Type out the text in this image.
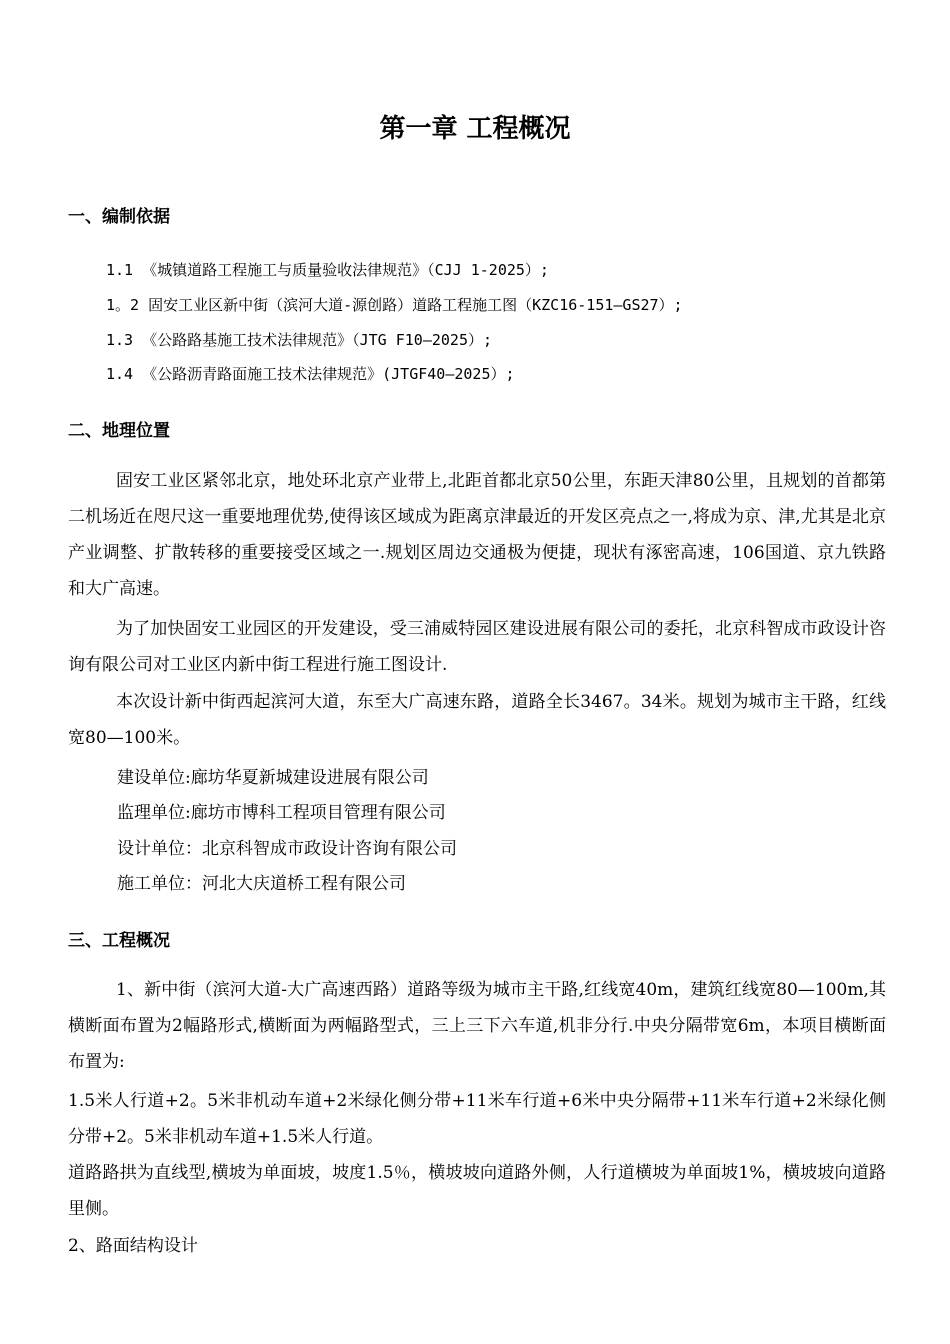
第一章 工程概况
一、编制依据
1.1 《城镇道路工程施工与质量验收法律规范》（CJJ 1-2025）;
1。2 固安工业区新中街（滨河大道-源创路）道路工程施工图（KZC16-151—GS27）;
1.3 《公路路基施工技术法律规范》（JTG F10—2025）;
1.4 《公路沥青路面施工技术法律规范》(JTGF40—2025）;
二、地理位置
固安工业区紧邻北京，地处环北京产业带上,北距首都北京50公里，东距天津80公里，且规划的首都第二机场近在咫尺这一重要地理优势,使得该区域成为距离京津最近的开发区亮点之一,将成为京、津,尤其是北京产业调整、扩散转移的重要接受区域之一.规划区周边交通极为便捷，现状有涿密高速，106国道、京九铁路和大广高速。
为了加快固安工业园区的开发建设，受三浦威特园区建设进展有限公司的委托，北京科智成市政设计咨询有限公司对工业区内新中街工程进行施工图设计.
本次设计新中街西起滨河大道，东至大广高速东路，道路全长3467。34米。规划为城市主干路，红线宽80—100米。
建设单位:廊坊华夏新城建设进展有限公司
监理单位:廊坊市博科工程项目管理有限公司
设计单位：北京科智成市政设计咨询有限公司
施工单位：河北大庆道桥工程有限公司
三、工程概况
1、新中街（滨河大道-大广高速西路）道路等级为城市主干路,红线宽40m，建筑红线宽80—100m,其横断面布置为2幅路形式,横断面为两幅路型式，三上三下六车道,机非分行.中央分隔带宽6m，本项目横断面布置为:
1.5米人行道+2。5米非机动车道+2米绿化侧分带+11米车行道+6米中央分隔带+11米车行道+2米绿化侧分带+2。5米非机动车道+1.5米人行道。
道路路拱为直线型,横坡为单面坡，坡度1.5％，横坡坡向道路外侧，人行道横坡为单面坡1%，横坡坡向道路里侧。
2、路面结构设计
